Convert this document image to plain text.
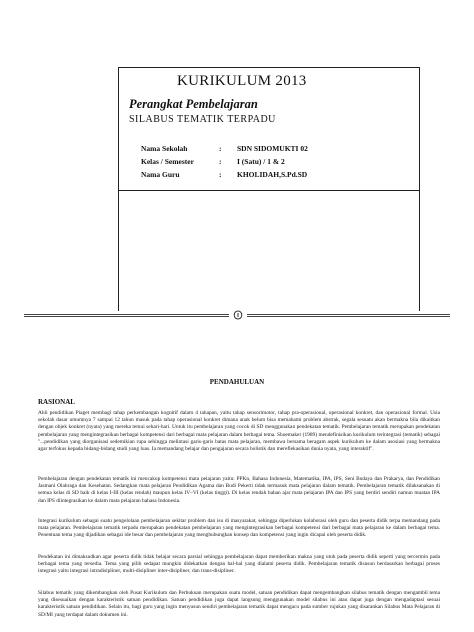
KURIKULUM 2013
Perangkat Pembelajaran
SILABUS TEMATIK TERPADU
Nama Sekolah	: SDN SIDOMUKTI 02
Kelas / Semester	: I (Satu) / 1 & 2
Nama Guru	: KHOLIDAH,S.Pd.SD
PENDAHULUAN
RASIONAL
Ahli pendidikan Piaget membagi tahap perkembangan kognitif dalam 4 tahapan, yaitu tahap sensorimotor, tahap pra-operasional, operasional konkret, dan operasional formal. Usia sekolah dasar umumnya 7 sampai 12 tahun masuk pada tahap operasional konkret dimana anak belum bisa memahami problem abstrak, segala sesuatu akan bermakna bila dikaitkan dengan objek konkret (nyata) yang mereka temui sehari-hari. Untuk itu pembelajaran yang cocok di SD menggunakan pendekatan tematik. Pembelajaran tematik merupakan pendekatan pembelajaran yang mengintegrasikan berbagai kompetensi dari berbagai mata pelajaran dalam berbagai tema. Shoemaker (1989) mendefinisikan kurikulum terintegrasi (tematik) sebagai "...pendidikan yang diorganisasi sedemikian rupa sehingga melintasi garis-garis batas mata pelajaran, membawa bersama beragam aspek kurikulum ke dalam asosiasi yang bermakna agar terfokus kepada bidang-bidang studi yang luas. Ia memandang belajar dan pengajaran secara holistik dan mereflekasikan dunia nyata, yang interaktif".
Pembelajaran dengan pendekatan tematik ini mencakup kompetensi mata pelajaran yaitu: PPKn, Bahasa Indonesia, Matematika, IPA, IPS, Seni Budaya dan Prakarya, dan Pendidikan Jasmani Olahraga dan Kesehatan. Sedangkan mata pelajaran Pendidikan Agama dan Budi Pekerti tidak termasuk mata pelajaran dalam tematik. Pembelajaran tematik dilaksanakan di semua kelas di SD baik di kelas I-III (kelas rendah) maupun kelas IV–VI (kelas tinggi). Di kelas rendah bahan ajar mata pelajaran IPA dan IPS yang berdiri sendiri namun muatan IPA dan IPS diintegrasikan ke dalam mata pelajaran bahasa Indonesia.
Integrasi kurikulum sebagai suatu pengelolaan pembelajaran sekitar problem dan isu di masyarakat, sehingga diperlukan kolaborasi oleh guru dan peserta didik terpa memandang pada mata pelajaran. Pembelajaran tematik terpadu merupakan pendekatan pembelajaran yang mengintegrasikan berbagai kompetensi dari berbagai mata pelajaran ke dalam berbagai tema. Penentuan tema yang dijadikan sebagai ide besar dan pembelajaran yang menghubungkan konsep dan kompetensi yang ingin dicapai oleh peserta didik.
Pendekatan ini dimaksudkan agar peserta didik tidak belajar secara parsial sehingga pembelajaran dapat memberikan makna yang utuh pada peserta didik seperti yang tercermin pada berbagai tema yang tersedia. Tema yang pilih sedapat mungkin didekatkan dengan hal-hal yang dialami peserta didik. Pembelajaran tematik disusun berdasarkan berbagai proses integrasi yaitu integrasi intradisipliner, multi-disipliner inter-disipliner, dan trans-disipliner.
Silabus tematik yang dikembangkan oleh Pusat Kurikulum dan Perbukuan merupakan suatu model, satuan pendidikan dapat mengembangkan silabus tematik dengan mengambil tema yang disesuaikan dengan karakteristik satuan pendidikan. Satuan pendidikan juga dapat langsung menggunakan model silabus ini atau dapat juga dengan mengadaptasi sesuai karakteristik satuan pendidikan. Selain itu, bagi guru yang ingin menyusun sendiri pembelajaran tematik dapat mengacu pada sumber rujukan yang disarankan Silabus Mata Pelajaran di SD/MI yang terdapat dalam dokumen ini.
